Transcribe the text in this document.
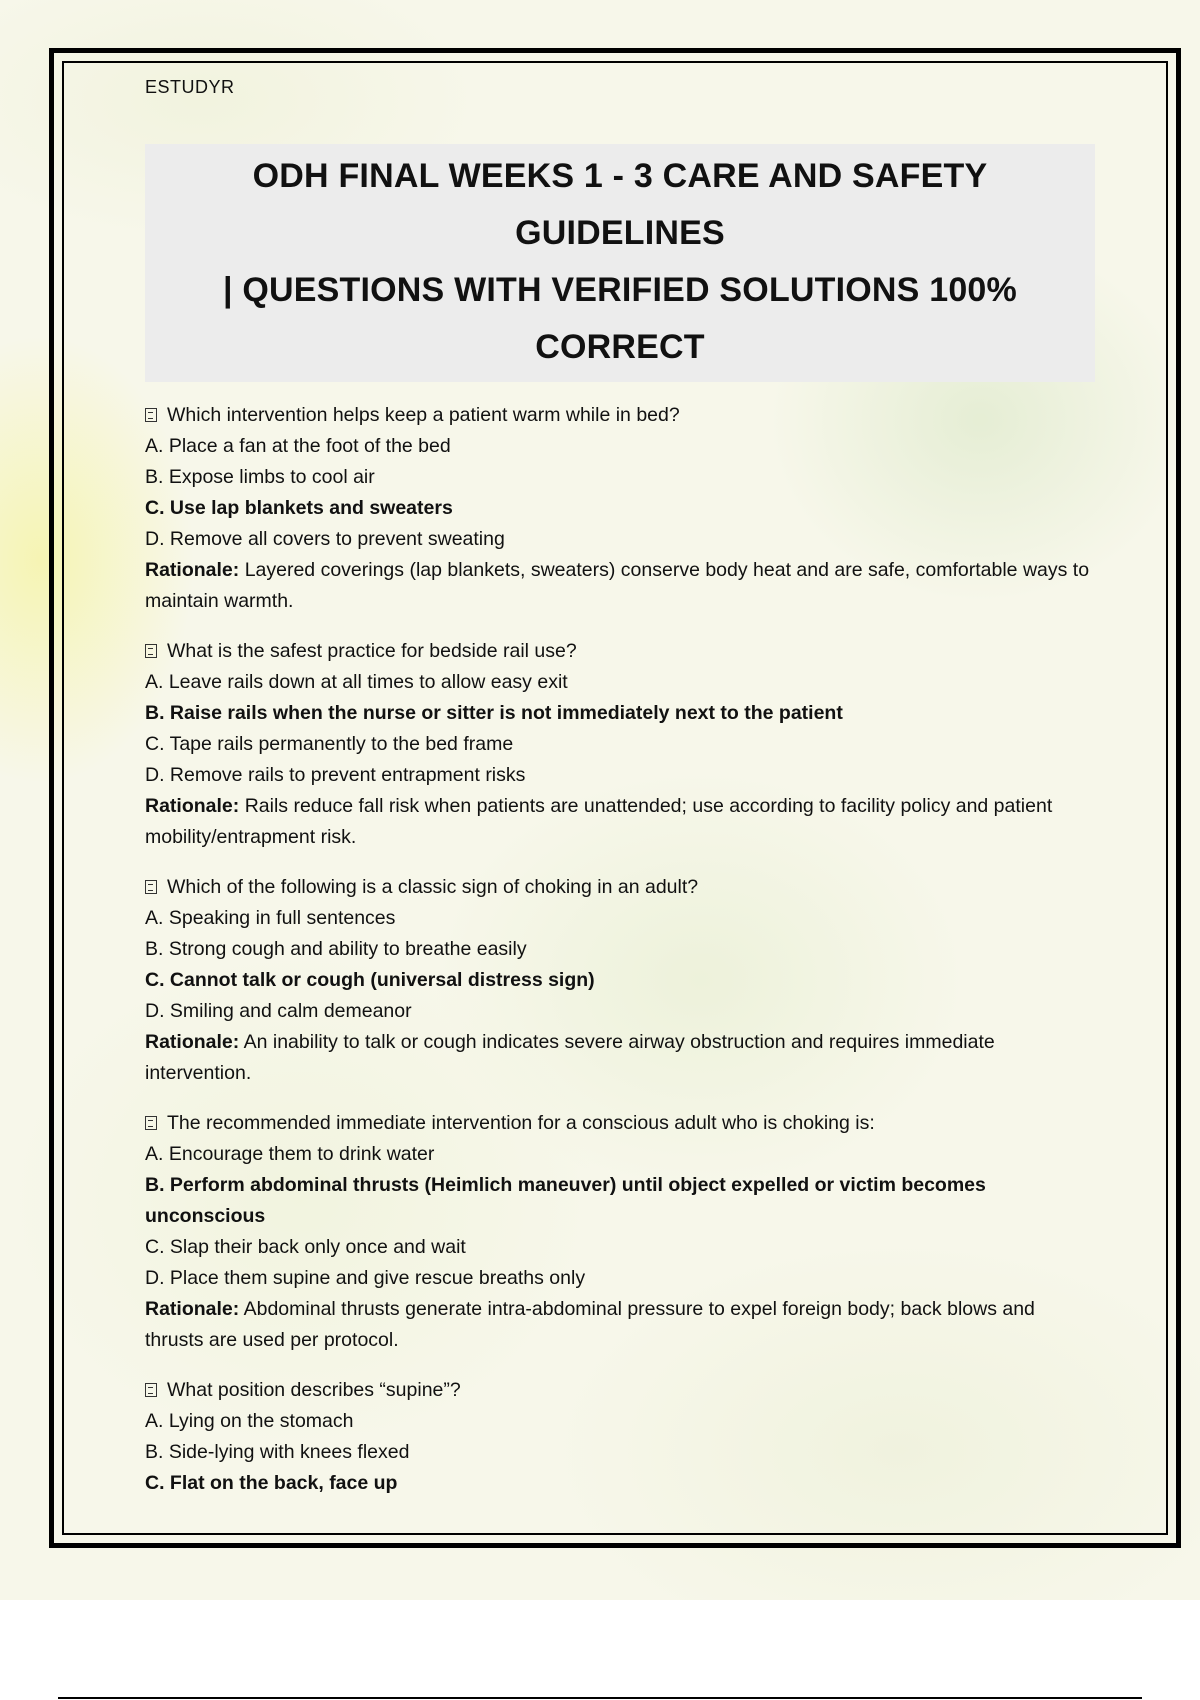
ESTUDYR
ODH FINAL WEEKS 1 - 3 CARE AND SAFETY GUIDELINES
| QUESTIONS WITH VERIFIED SOLUTIONS 100%
CORRECT
Which intervention helps keep a patient warm while in bed?
A. Place a fan at the foot of the bed
B. Expose limbs to cool air
C. Use lap blankets and sweaters
D. Remove all covers to prevent sweating
Rationale: Layered coverings (lap blankets, sweaters) conserve body heat and are safe, comfortable ways to maintain warmth.
What is the safest practice for bedside rail use?
A. Leave rails down at all times to allow easy exit
B. Raise rails when the nurse or sitter is not immediately next to the patient
C. Tape rails permanently to the bed frame
D. Remove rails to prevent entrapment risks
Rationale: Rails reduce fall risk when patients are unattended; use according to facility policy and patient mobility/entrapment risk.
Which of the following is a classic sign of choking in an adult?
A. Speaking in full sentences
B. Strong cough and ability to breathe easily
C. Cannot talk or cough (universal distress sign)
D. Smiling and calm demeanor
Rationale: An inability to talk or cough indicates severe airway obstruction and requires immediate intervention.
The recommended immediate intervention for a conscious adult who is choking is:
A. Encourage them to drink water
B. Perform abdominal thrusts (Heimlich maneuver) until object expelled or victim becomes unconscious
C. Slap their back only once and wait
D. Place them supine and give rescue breaths only
Rationale: Abdominal thrusts generate intra-abdominal pressure to expel foreign body; back blows and thrusts are used per protocol.
What position describes “supine”?
A. Lying on the stomach
B. Side-lying with knees flexed
C. Flat on the back, face up
